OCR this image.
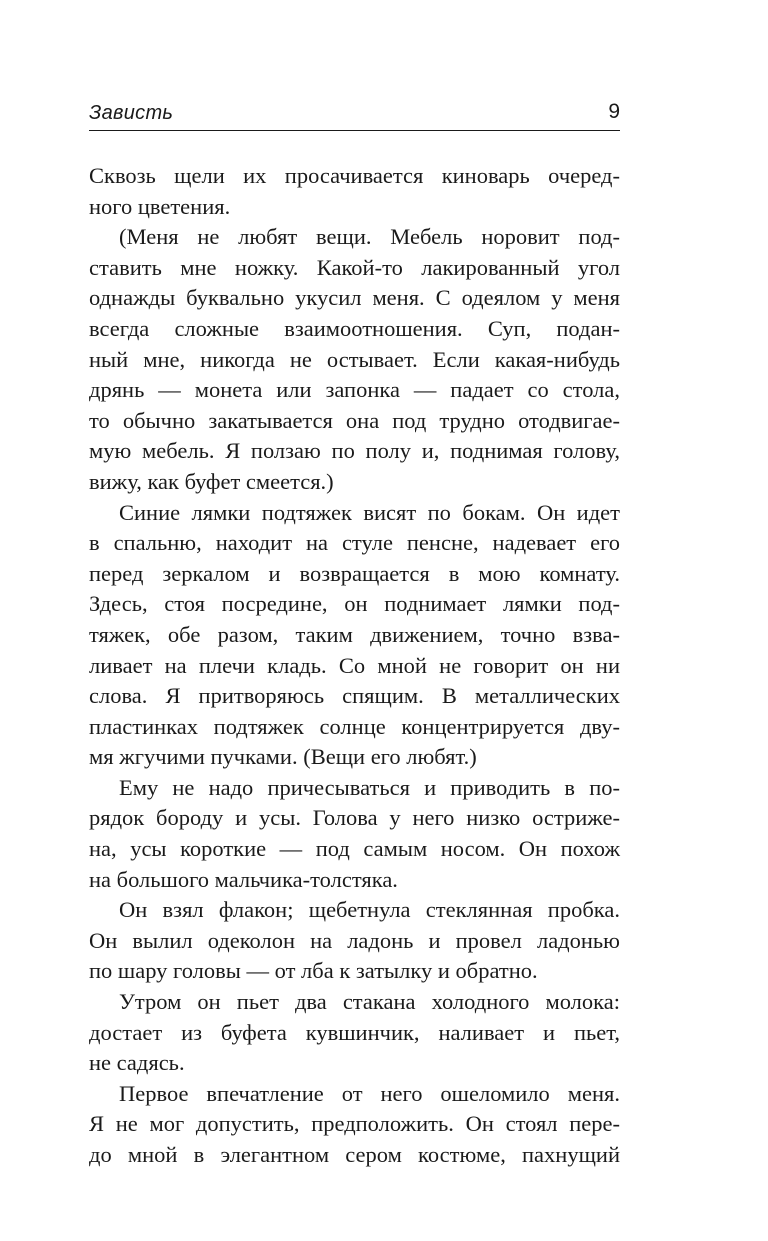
Зависть	9
Сквозь щели их просачивается киноварь очеред-
ного цветения.
(Меня не любят вещи. Мебель норовит под-
ставить мне ножку. Какой-то лакированный угол
однажды буквально укусил меня. С одеялом у меня
всегда сложные взаимоотношения. Суп, подан-
ный мне, никогда не остывает. Если какая-нибудь
дрянь — монета или запонка — падает со стола,
то обычно закатывается она под трудно отодвигае-
мую мебель. Я ползаю по полу и, поднимая голову,
вижу, как буфет смеется.)
Синие лямки подтяжек висят по бокам. Он идет
в спальню, находит на стуле пенсне, надевает его
перед зеркалом и возвращается в мою комнату.
Здесь, стоя посредине, он поднимает лямки под-
тяжек, обе разом, таким движением, точно взва-
ливает на плечи кладь. Со мной не говорит он ни
слова. Я притворяюсь спящим. В металлических
пластинках подтяжек солнце концентрируется дву-
мя жгучими пучками. (Вещи его любят.)
Ему не надо причесываться и приводить в по-
рядок бороду и усы. Голова у него низко остриже-
на, усы короткие — под самым носом. Он похож
на большого мальчика-толстяка.
Он взял флакон; щебетнула стеклянная пробка.
Он вылил одеколон на ладонь и провел ладонью
по шару головы — от лба к затылку и обратно.
Утром он пьет два стакана холодного молока:
достает из буфета кувшинчик, наливает и пьет,
не садясь.
Первое впечатление от него ошеломило меня.
Я не мог допустить, предположить. Он стоял пере-
до мной в элегантном сером костюме, пахнущий
